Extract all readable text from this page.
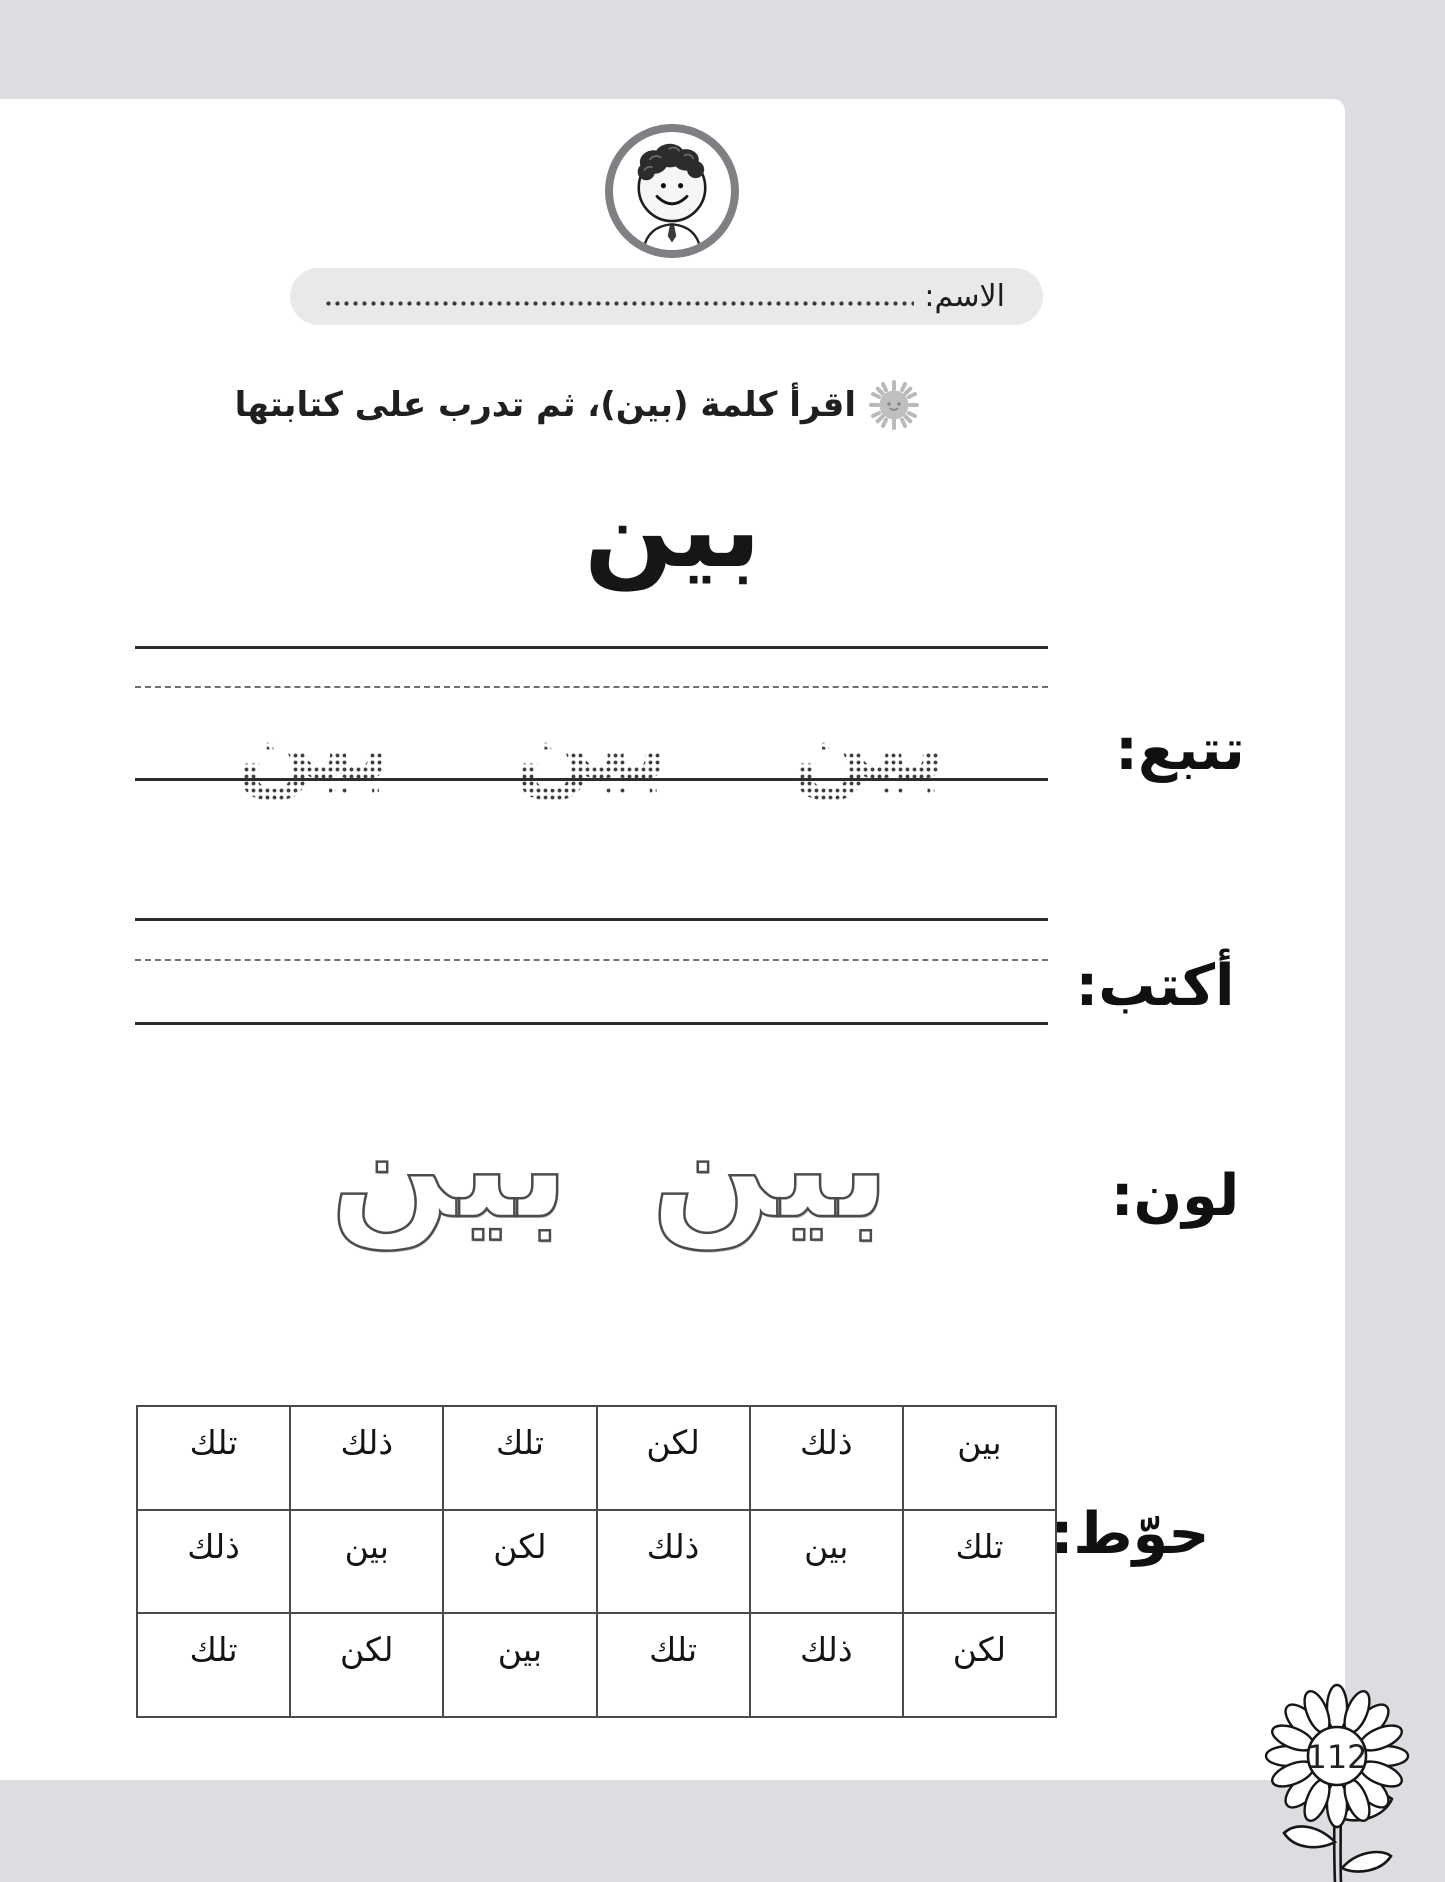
الاسم:
اقرأ كلمة (بين)، ثم تدرب على كتابتها
بين
بين
بين
بين	تتبع:
أكتب:
بين
بين	لون:
تلك	ذلك	تلك	لكن	ذلك	بين
ذلك	بين	لكن	ذلك	بين	تلك
تلك	لكن	بين	تلك	ذلك	لكن
حوّط:
112
